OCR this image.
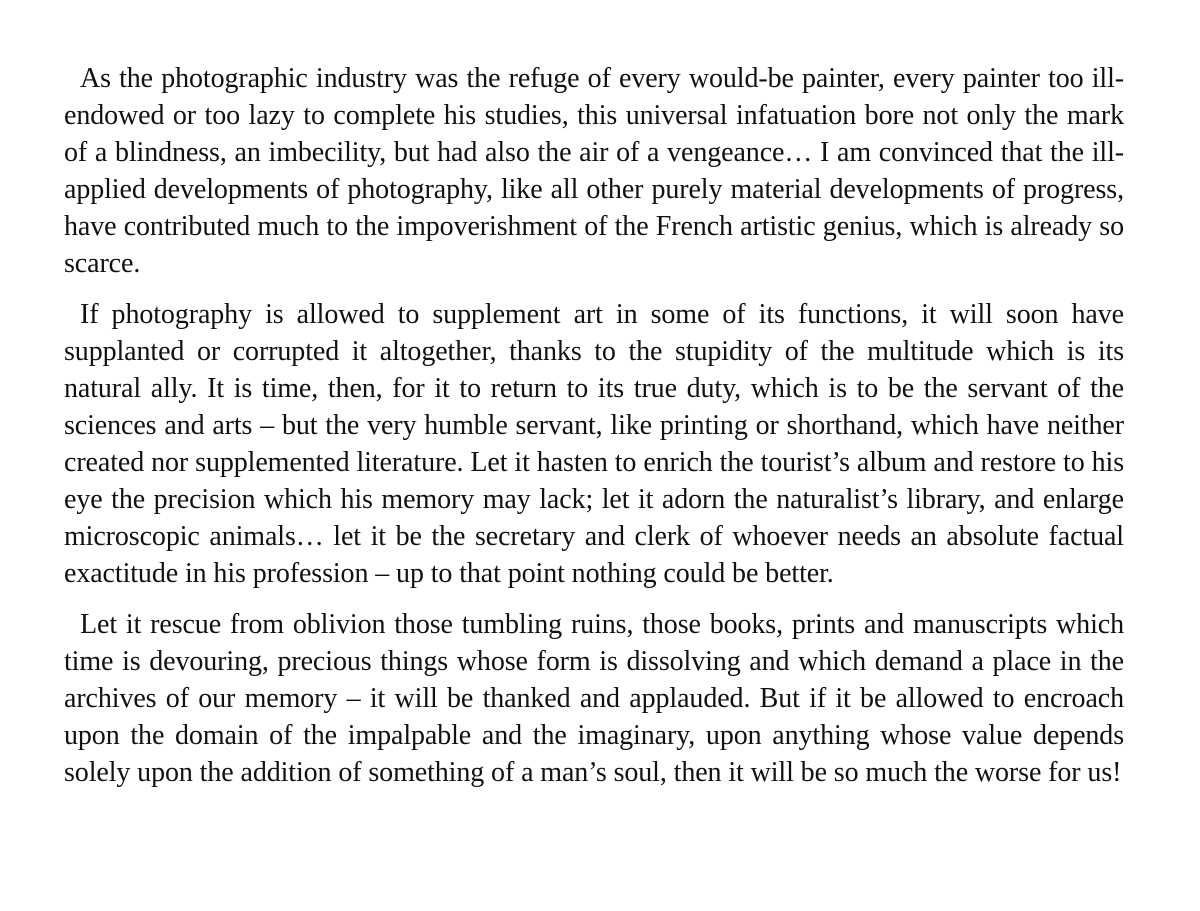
As the photographic industry was the refuge of every would-be painter, every painter too ill-endowed or too lazy to complete his studies, this universal infatuation bore not only the mark of a blindness, an imbecility, but had also the air of a vengeance… I am convinced that the ill-applied developments of photography, like all other purely material developments of progress, have contributed much to the impoverishment of the French artistic genius, which is already so scarce.

If photography is allowed to supplement art in some of its functions, it will soon have supplanted or corrupted it altogether, thanks to the stupidity of the multitude which is its natural ally. It is time, then, for it to return to its true duty, which is to be the servant of the sciences and arts – but the very humble servant, like printing or shorthand, which have neither created nor supplemented literature. Let it hasten to enrich the tourist’s album and restore to his eye the precision which his memory may lack; let it adorn the naturalist’s library, and enlarge microscopic animals… let it be the secretary and clerk of whoever needs an absolute factual exactitude in his profession – up to that point nothing could be better.

Let it rescue from oblivion those tumbling ruins, those books, prints and manuscripts which time is devouring, precious things whose form is dissolving and which demand a place in the archives of our memory – it will be thanked and applauded. But if it be allowed to encroach upon the domain of the impalpable and the imaginary, upon anything whose value depends solely upon the addition of something of a man’s soul, then it will be so much the worse for us!
